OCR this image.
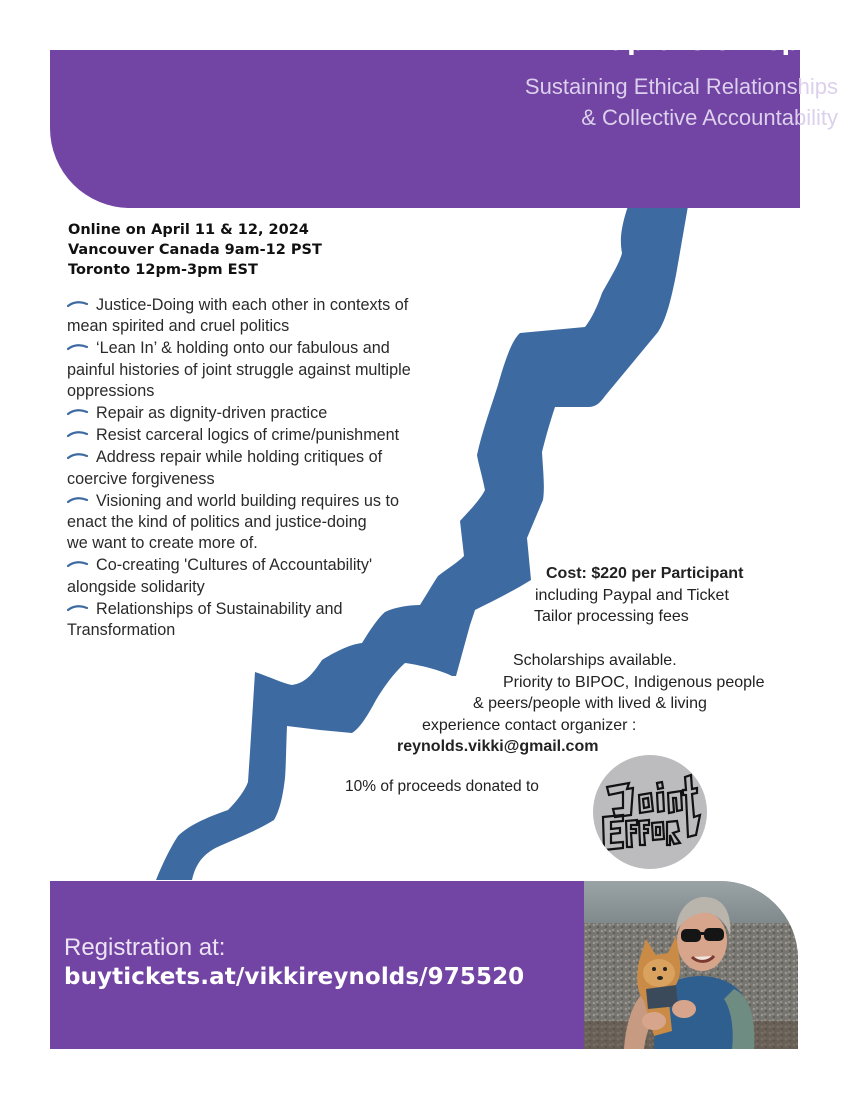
Rupture & Repair
Sustaining Ethical Relationships
& Collective Accountability
Online on April 11 & 12, 2024
Vancouver Canada 9am-12 PST
Toronto 12pm-3pm EST
Justice-Doing with each other in contexts of
mean spirited and cruel politics
‘Lean In’ & holding onto our fabulous and
painful histories of joint struggle against multiple
oppressions
Repair as dignity-driven practice
Resist carceral logics of crime/punishment
Address repair while holding critiques of
coercive forgiveness
Visioning and world building requires us to
enact the kind of politics and justice-doing
we want to create more of.
Co-creating 'Cultures of Accountability'
alongside solidarity
Relationships of Sustainability and
Transformation
Cost: $220 per Participant
including Paypal and Ticket
Tailor processing fees
Scholarships available.
Priority to BIPOC, Indigenous people
& peers/people with lived & living
experience contact organizer :
reynolds.vikki@gmail.com
10% of proceeds donated to
Registration at:
buytickets.at/vikkireynolds/975520
